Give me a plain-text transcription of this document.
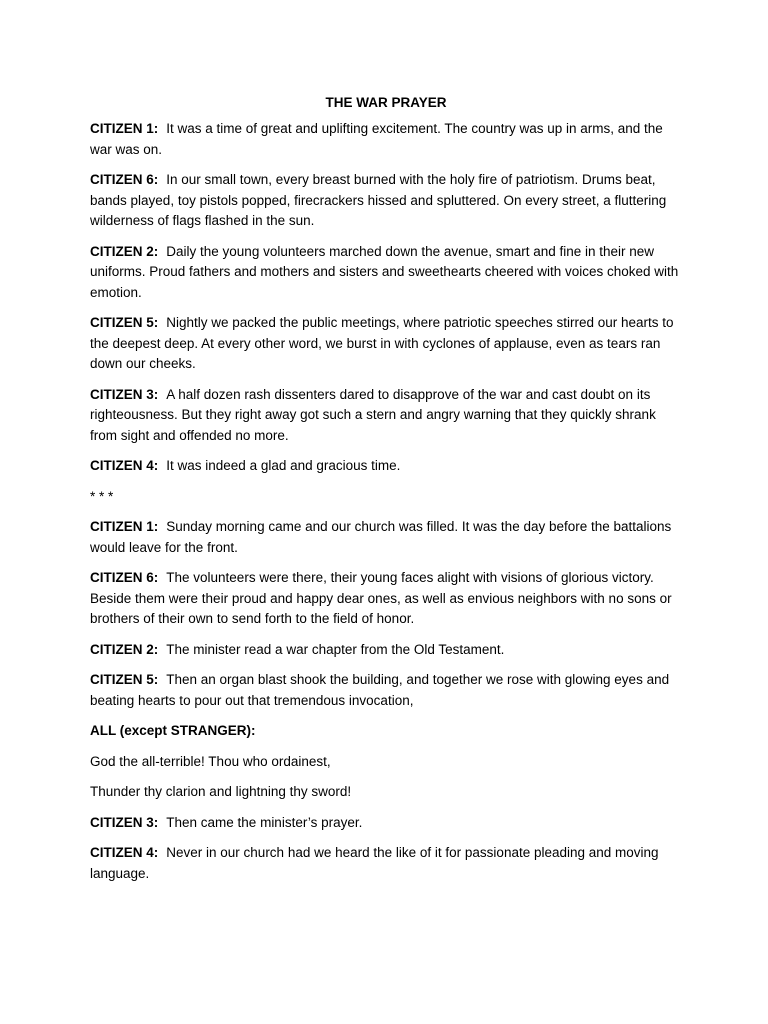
THE WAR PRAYER
CITIZEN 1: It was a time of great and uplifting excitement. The country was up in arms, and the war was on.
CITIZEN 6: In our small town, every breast burned with the holy fire of patriotism. Drums beat, bands played, toy pistols popped, firecrackers hissed and spluttered. On every street, a fluttering wilderness of flags flashed in the sun.
CITIZEN 2: Daily the young volunteers marched down the avenue, smart and fine in their new uniforms. Proud fathers and mothers and sisters and sweethearts cheered with voices choked with emotion.
CITIZEN 5: Nightly we packed the public meetings, where patriotic speeches stirred our hearts to the deepest deep. At every other word, we burst in with cyclones of applause, even as tears ran down our cheeks.
CITIZEN 3: A half dozen rash dissenters dared to disapprove of the war and cast doubt on its righteousness. But they right away got such a stern and angry warning that they quickly shrank from sight and offended no more.
CITIZEN 4: It was indeed a glad and gracious time.
* * *
CITIZEN 1: Sunday morning came and our church was filled. It was the day before the battalions would leave for the front.
CITIZEN 6: The volunteers were there, their young faces alight with visions of glorious victory. Beside them were their proud and happy dear ones, as well as envious neighbors with no sons or brothers of their own to send forth to the field of honor.
CITIZEN 2: The minister read a war chapter from the Old Testament.
CITIZEN 5: Then an organ blast shook the building, and together we rose with glowing eyes and beating hearts to pour out that tremendous invocation,
ALL (except STRANGER):
God the all-terrible! Thou who ordainest,
Thunder thy clarion and lightning thy sword!
CITIZEN 3: Then came the minister’s prayer.
CITIZEN 4: Never in our church had we heard the like of it for passionate pleading and moving language.
